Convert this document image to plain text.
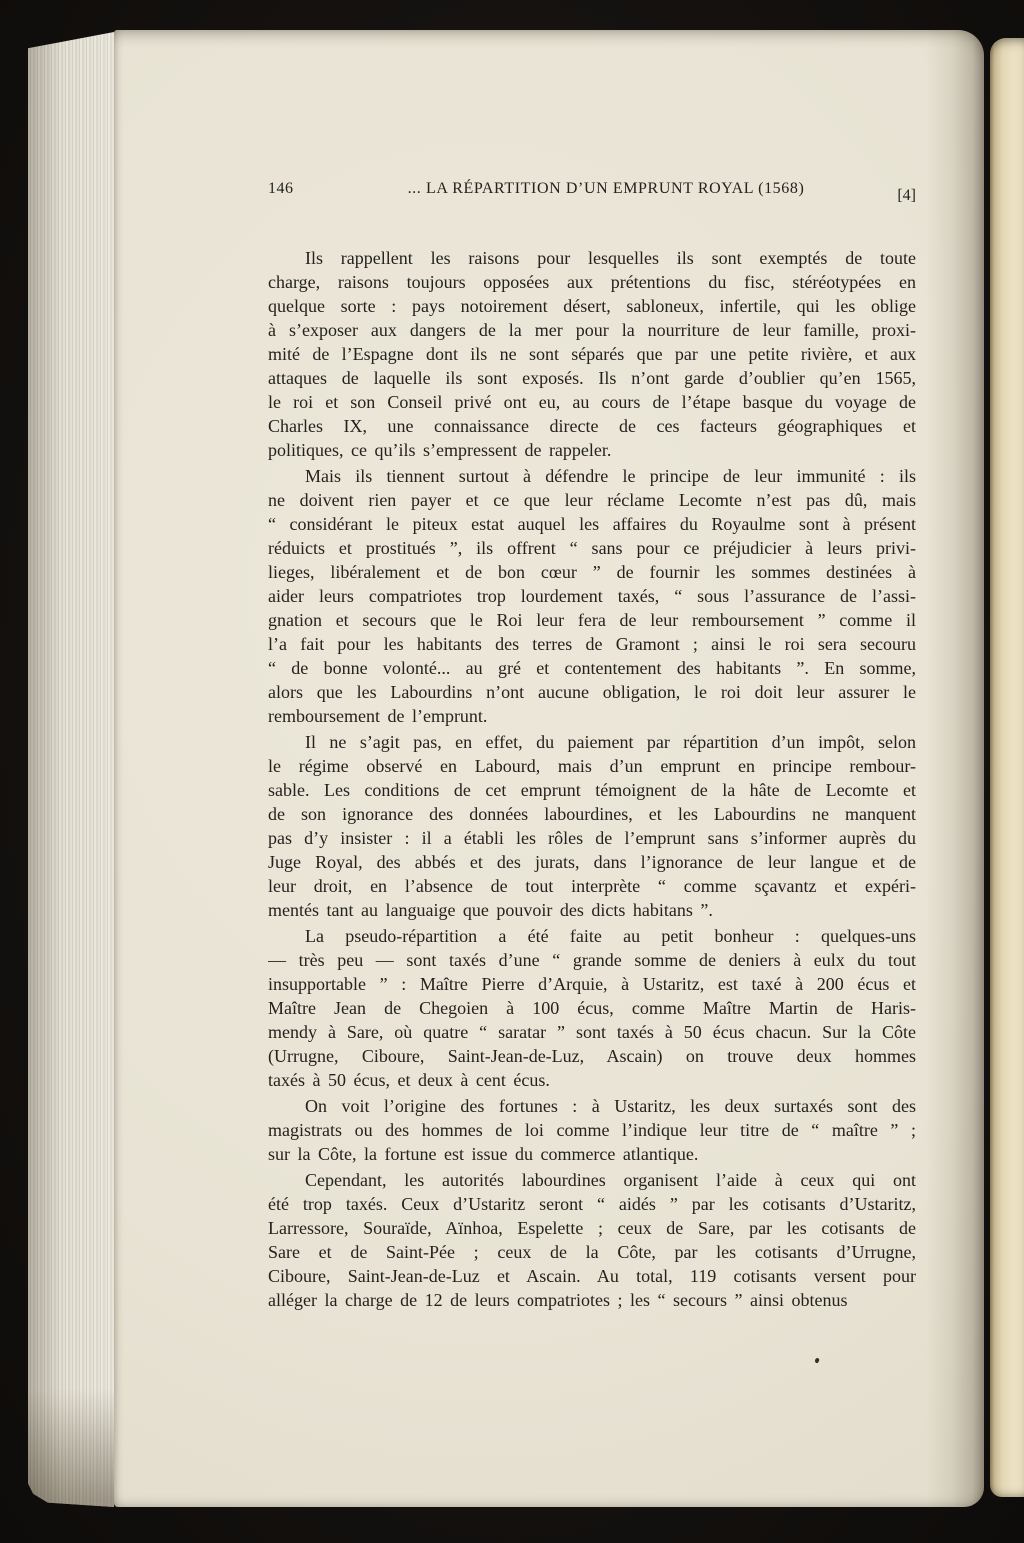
146	... LA RÉPARTITION D’UN EMPRUNT ROYAL (1568)	[4]
Ils rappellent les raisons pour lesquelles ils sont exemptés de toute
charge, raisons toujours opposées aux prétentions du fisc, stéréotypées en
quelque sorte : pays notoirement désert, sabloneux, infertile, qui les oblige
à s’exposer aux dangers de la mer pour la nourriture de leur famille, proxi-
mité de l’Espagne dont ils ne sont séparés que par une petite rivière, et aux
attaques de laquelle ils sont exposés. Ils n’ont garde d’oublier qu’en 1565,
le roi et son Conseil privé ont eu, au cours de l’étape basque du voyage de
Charles IX, une connaissance directe de ces facteurs géographiques et
politiques, ce qu’ils s’empressent de rappeler.
Mais ils tiennent surtout à défendre le principe de leur immunité : ils
ne doivent rien payer et ce que leur réclame Lecomte n’est pas dû, mais
“ considérant le piteux estat auquel les affaires du Royaulme sont à présent
réduicts et prostitués ”, ils offrent “ sans pour ce préjudicier à leurs privi-
lieges, libéralement et de bon cœur ” de fournir les sommes destinées à
aider leurs compatriotes trop lourdement taxés, “ sous l’assurance de l’assi-
gnation et secours que le Roi leur fera de leur remboursement ” comme il
l’a fait pour les habitants des terres de Gramont ; ainsi le roi sera secouru
“ de bonne volonté... au gré et contentement des habitants ”. En somme,
alors que les Labourdins n’ont aucune obligation, le roi doit leur assurer le
remboursement de l’emprunt.
Il ne s’agit pas, en effet, du paiement par répartition d’un impôt, selon
le régime observé en Labourd, mais d’un emprunt en principe rembour-
sable. Les conditions de cet emprunt témoignent de la hâte de Lecomte et
de son ignorance des données labourdines, et les Labourdins ne manquent
pas d’y insister : il a établi les rôles de l’emprunt sans s’informer auprès du
Juge Royal, des abbés et des jurats, dans l’ignorance de leur langue et de
leur droit, en l’absence de tout interprète “ comme sçavantz et expéri-
mentés tant au languaige que pouvoir des dicts habitans ”.
La pseudo-répartition a été faite au petit bonheur : quelques-uns
— très peu — sont taxés d’une “ grande somme de deniers à eulx du tout
insupportable ” : Maître Pierre d’Arquie, à Ustaritz, est taxé à 200 écus et
Maître Jean de Chegoien à 100 écus, comme Maître Martin de Haris-
mendy à Sare, où quatre “ saratar ” sont taxés à 50 écus chacun. Sur la Côte
(Urrugne, Ciboure, Saint-Jean-de-Luz, Ascain) on trouve deux hommes
taxés à 50 écus, et deux à cent écus.
On voit l’origine des fortunes : à Ustaritz, les deux surtaxés sont des
magistrats ou des hommes de loi comme l’indique leur titre de “ maître ” ;
sur la Côte, la fortune est issue du commerce atlantique.
Cependant, les autorités labourdines organisent l’aide à ceux qui ont
été trop taxés. Ceux d’Ustaritz seront “ aidés ” par les cotisants d’Ustaritz,
Larressore, Souraïde, Aïnhoa, Espelette ; ceux de Sare, par les cotisants de
Sare et de Saint-Pée ; ceux de la Côte, par les cotisants d’Urrugne,
Ciboure, Saint-Jean-de-Luz et Ascain. Au total, 119 cotisants versent pour
alléger la charge de 12 de leurs compatriotes ; les “ secours ” ainsi obtenus
